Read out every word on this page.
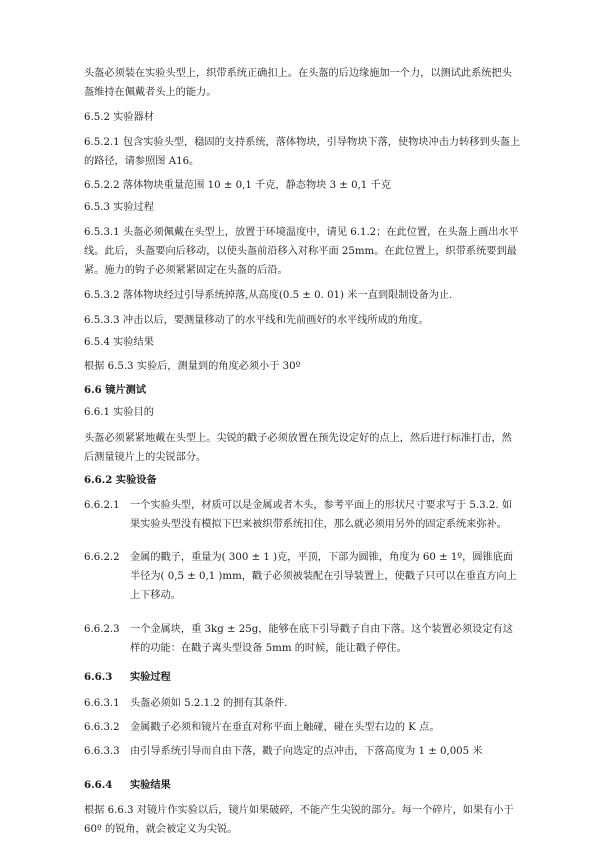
头盔必须装在实验头型上，织带系统正确扣上。在头盔的后边缘施加一个力，以测试此系统把头盔维持在佩戴者头上的能力。

6.5.2 实验器材

6.5.2.1 包含实验头型，稳固的支持系统，落体物块，引导物块下落，使物块冲击力转移到头盔上的路径，请参照图 A16。

6.5.2.2 落体物块重量范围 10 ± 0,1 千克，静态物块 3 ± 0,1 千克

6.5.3 实验过程

6.5.3.1 头盔必须佩戴在头型上，放置于环境温度中，请见 6.1.2；在此位置，在头盔上画出水平线。此后，头盔要向后移动，以使头盔前沿移入对称平面 25mm。在此位置上，织带系统要到最紧。施力的钩子必须紧紧固定在头盔的后沿。

6.5.3.2 落体物块经过引导系统掉落,从高度(0.5 ± 0. 01) 米一直到限制设备为止.

6.5.3.3 冲击以后，要测量移动了的水平线和先前画好的水平线所成的角度。

6.5.4 实验结果

根据 6.5.3 实验后，测量到的角度必须小于 30º

6.6 镜片测试

6.6.1 实验目的

头盔必须紧紧地戴在头型上。尖锐的戳子必须放置在预先设定好的点上，然后进行标准打击，然后测量镜片上的尖锐部分。

6.6.2 实验设备

6.6.2.1 一个实验头型，材质可以是金属或者木头，参考平面上的形状尺寸要求写于 5.3.2. 如果实验头型没有模拟下巴来被织带系统扣住，那么就必须用另外的固定系统来弥补。
6.6.2.2 金属的戳子，重量为( 300 ± 1 )克，平顶，下部为圆锥，角度为 60 ± 1º，圆锥底面半径为( 0,5 ± 0,1 )mm，戳子必须被装配在引导装置上，使戳子只可以在垂直方向上上下移动。
6.6.2.3 一个金属块，重 3kg ± 25g，能够在底下引导戳子自由下落。这个装置必须设定有这样的功能：在戳子离头型设备 5mm 的时候，能让戳子停住。
6.6.3 实验过程
6.6.3.1 头盔必须如 5.2.1.2 的拥有其条件.
6.6.3.2 金属戳子必须和镜片在垂直对称平面上触碰，碰在头型右边的 K 点。
6.6.3.3 由引导系统引导而自由下落，戳子向选定的点冲击，下落高度为 1 ± 0,005 米
6.6.4 实验结果

根据 6.6.3 对镜片作实验以后，镜片如果破碎，不能产生尖锐的部分。每一个碎片，如果有小于 60º 的锐角，就会被定义为尖锐。
